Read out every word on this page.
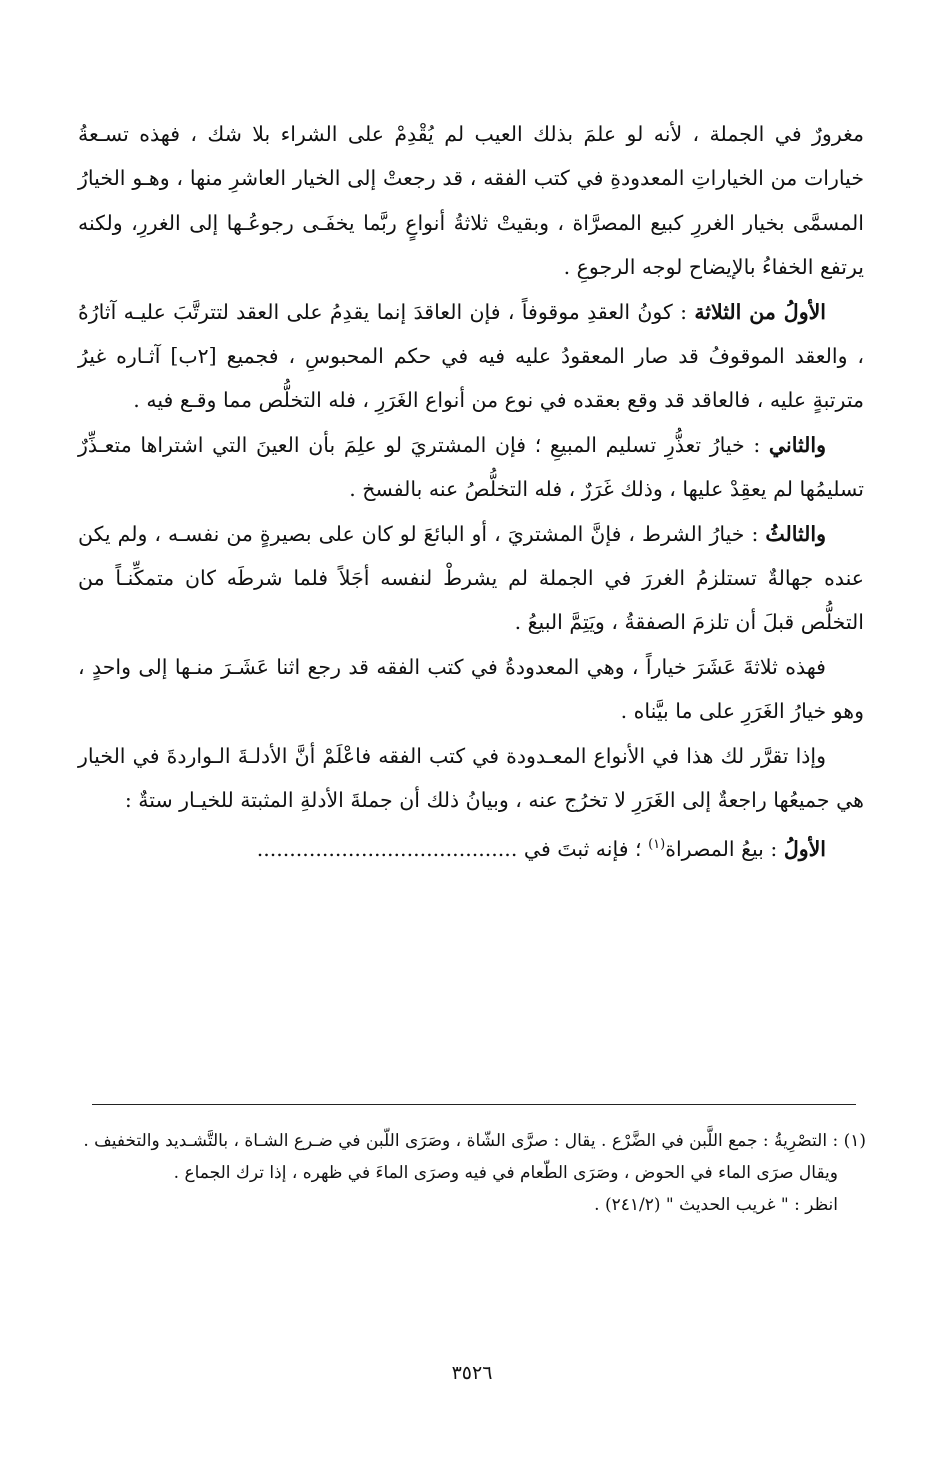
مغرورٌ في الجملة ، لأنه لو علمَ بذلك العيب لم يُقْدِمْ على الشراء بلا شك ، فهذه تسـعةُ خيارات من الخياراتِ المعدودةِ في كتب الفقه ، قد رجعتْ إلى الخيار العاشرِ منها ، وهـو الخيارُ المسمَّى بخيار الغررِ كبيع المصرَّاة ، وبقيتْ ثلاثةُ أنواعٍ ربَّما يخفَـى رجوعُـها إلى الغررِ، ولكنه يرتفع الخفاءُ بالإيضاح لوجه الرجوعِ .

الأولُ من الثلاثة : كونُ العقدِ موقوفاً ، فإن العاقدَ إنما يقدِمُ على العقد لتترتَّبَ عليـه آثارُهُ ، والعقد الموقوفُ قد صار المعقودُ عليه فيه في حكم المحبوسِ ، فجميع [٢ب] آثـاره غيرُ مترتبةٍ عليه ، فالعاقد قد وقع بعقده في نوع من أنواع الغَرَرِ ، فله التخلُّص مما وقـع فيه .

والثاني : خيارُ تعذُّرِ تسليم المبيعِ ؛ فإن المشتريَ لو علِمَ بأن العينَ التي اشتراها متعـذِّرٌ تسليمُها لم يعقِدْ عليها ، وذلك غَرَرٌ ، فله التخلُّصُ عنه بالفسخ .

والثالثُ : خيارُ الشرط ، فإنَّ المشتريَ ، أو البائعَ لو كان على بصيرةٍ من نفسـه ، ولم يكن عنده جهالةٌ تستلزمُ الغررَ في الجملة لم يشرطْ لنفسه أجَلاً فلما شرطَه كان متمكِّنـاً من التخلُّص قبلَ أن تلزمَ الصفقةُ ، ويَتِمَّ البيعُ .

فهذه ثلاثةَ عَشَرَ خياراً ، وهي المعدودةُ في كتب الفقه قد رجع اثنا عَشَـرَ منـها إلى واحدٍ ، وهو خيارُ الغَرَرِ على ما بيَّناه .

وإذا تقرَّر لك هذا في الأنواع المعـدودة في كتب الفقه فاعْلَمْ أنَّ الأدلـةَ الـواردةَ في الخيار هي جميعُها راجعةٌ إلى الغَرَرِ لا تخرُج عنه ، وبيانُ ذلك أن جملةَ الأدلةِ المثبتة للخيـار ستةٌ :

الأولُ : بيعُ المصراة$^{(١)}$ ؛ فإنه ثبتَ في ........................................

(١) : التصْرِيةُ : جمع اللَّبن في الضَّرْع . يقال : صرَّى الشّاة ، وصَرَى اللّبن في ضـرع الشـاة ، بالتَّشـديد والتخفيف .

ويقال صرَى الماء في الحوض ، وصَرَى الطّعام في فيه وصرَى الماءَ في ظهره ، إذا ترك الجماع .

انظر : " غريب الحديث " (٢٤١/٢) .

٣٥٢٦
